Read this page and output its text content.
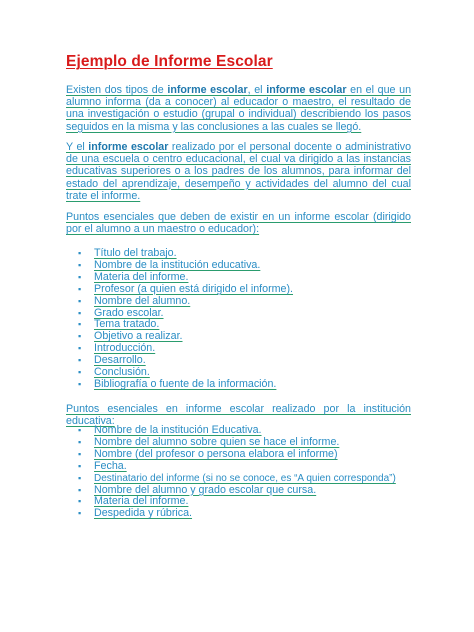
Ejemplo de Informe Escolar

Existen dos tipos de informe escolar, el informe escolar en el que un alumno informa (da a conocer) al educador o maestro, el resultado de una investigación o estudio (grupal o individual) describiendo los pasos seguidos en la misma y las conclusiones a las cuales se llegó.

Y el informe escolar realizado por el personal docente o administrativo de una escuela o centro educacional, el cual va dirigido a las instancias educativas superiores o a los padres de los alumnos, para informar del estado del aprendizaje, desempeño y actividades del alumno del cual trate el informe.

Puntos esenciales que deben de existir en un informe escolar (dirigido por el alumno a un maestro o educador):

▪ Título del trabajo.
▪ Nombre de la institución educativa.
▪ Materia del informe.
▪ Profesor (a quien está dirigido el informe).
▪ Nombre del alumno.
▪ Grado escolar.
▪ Tema tratado.
▪ Objetivo a realizar.
▪ Introducción.
▪ Desarrollo.
▪ Conclusión.
▪ Bibliografía o fuente de la información.

Puntos esenciales en informe escolar realizado por la institución educativa:

▪ Nombre de la institución Educativa.
▪ Nombre del alumno sobre quien se hace el informe.
▪ Nombre (del profesor o persona elabora el informe)
▪ Fecha.
▪ Destinatario del informe (si no se conoce, es “A quien corresponda”)
▪ Nombre del alumno y grado escolar que cursa.
▪ Materia del informe.
▪ Despedida y rúbrica.
